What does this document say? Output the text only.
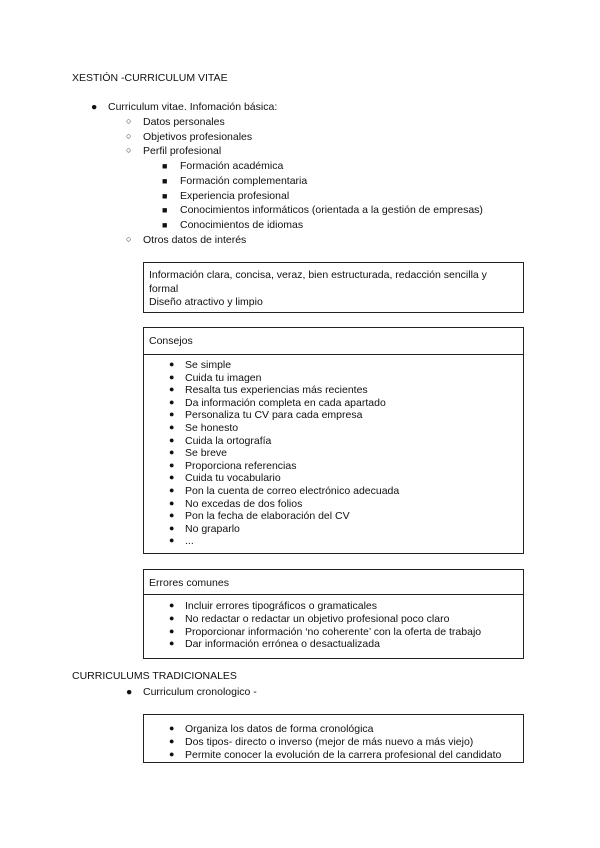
XESTIÓN -CURRICULUM VITAE
● Curriculum vitae. Infomación básica:
○ Datos personales
○ Objetivos profesionales
○ Perfil profesional
■ Formación académica
■ Formación complementaria
■ Experiencia profesional
■ Conocimientos informáticos (orientada a la gestión de empresas)
■ Conocimientos de idiomas
○ Otros datos de interés
Información clara, concisa, veraz, bien estructurada, redacción sencilla y
formal
Diseño atractivo y limpio
Consejos
● Se simple
● Cuida tu imagen
● Resalta tus experiencias más recientes
● Da información completa en cada apartado
● Personaliza tu CV para cada empresa
● Se honesto
● Cuida la ortografía
● Se breve
● Proporciona referencias
● Cuida tu vocabulario
● Pon la cuenta de correo electrónico adecuada
● No excedas de dos folios
● Pon la fecha de elaboración del CV
● No graparlo
● ...
Errores comunes
● Incluir errores tipográficos o gramaticales
● No redactar o redactar un objetivo profesional poco claro
● Proporcionar información ‘no coherente’ con la oferta de trabajo
● Dar información errónea o desactualizada
CURRICULUMS TRADICIONALES
● Curriculum cronologico -
● Organiza los datos de forma cronológica
● Dos tipos- directo o inverso (mejor de más nuevo a más viejo)
● Permite conocer la evolución de la carrera profesional del candidato
